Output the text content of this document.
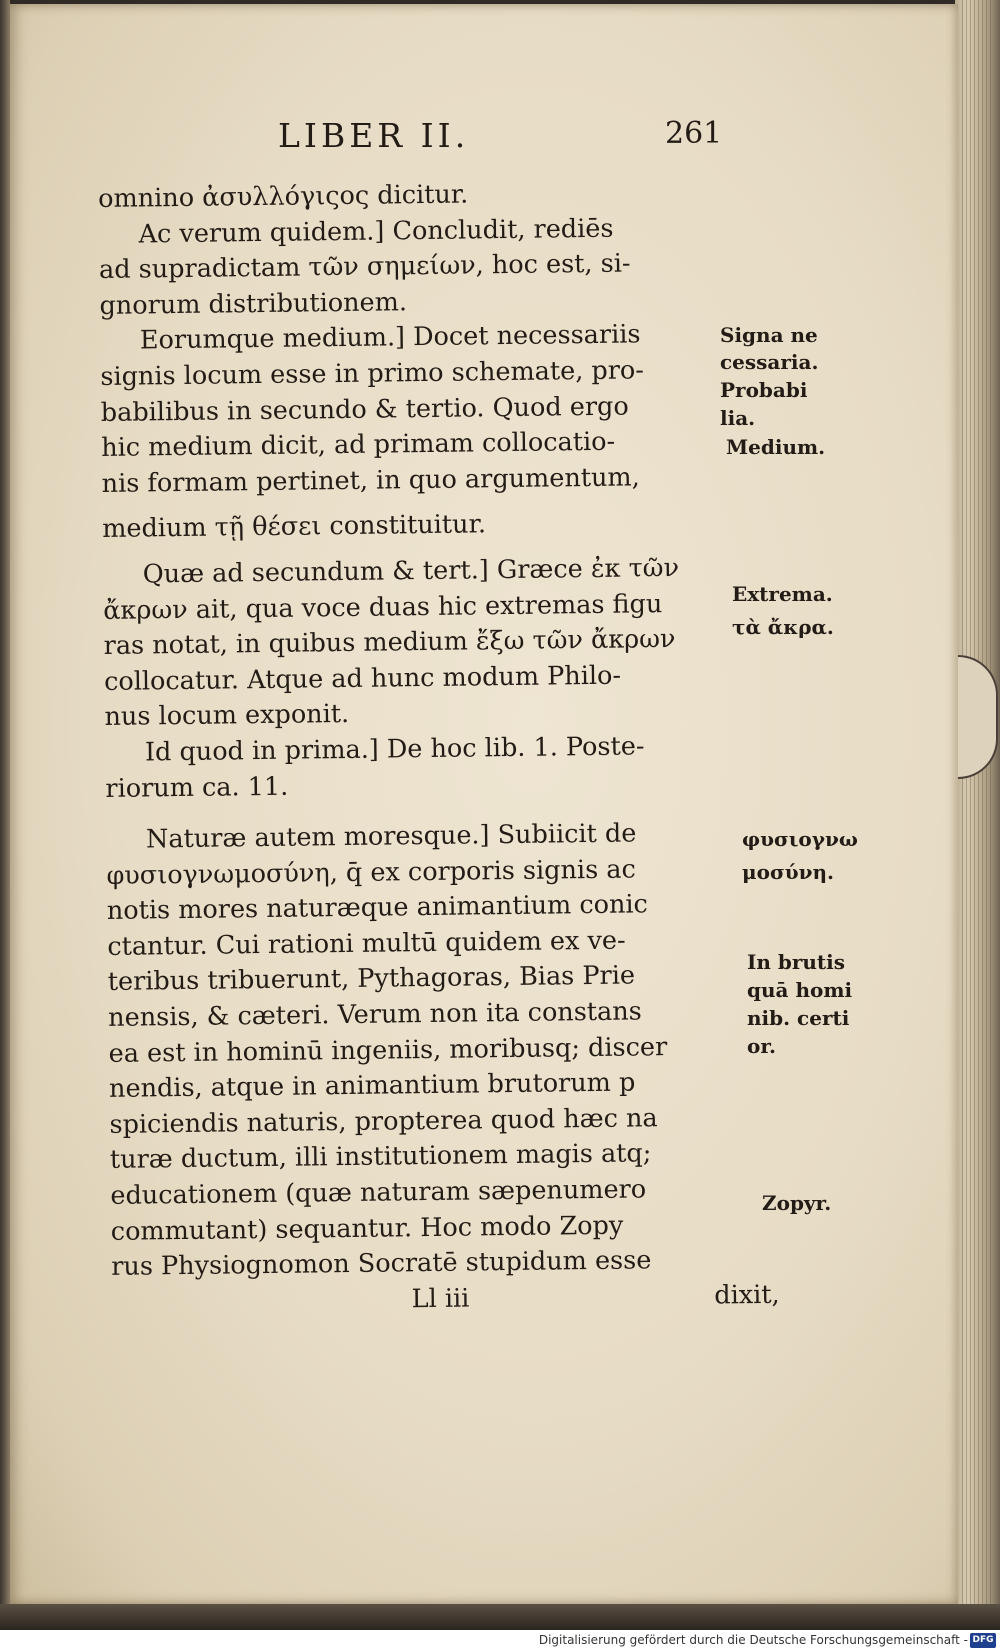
LIBER II.	261
omnino ἀσυλλόγιςος dicitur.
Ac verum quidem.] Concludit, rediēs
ad supradictam τῶν σημείων, hoc est, si-
gnorum distributionem.
Eorumque medium.] Docet necessariis
signis locum esse in primo schemate, pro-
babilibus in secundo & tertio. Quod ergo
hic medium dicit, ad primam collocatio-
nis formam pertinet, in quo argumentum,
medium τῇ θέσει constituitur.
Quæ ad secundum & tert.] Græce ἐκ τῶν
ἄκρων ait, qua voce duas hic extremas figu
ras notat, in quibus medium ἔξω τῶν ἄκρων
collocatur. Atque ad hunc modum Philo-
nus locum exponit.
Id quod in prima.] De hoc lib. 1. Poste-
riorum ca. 11.
Naturæ autem moresque.] Subiicit de
φυσιογνωμοσύνη, q̄ ex corporis signis ac
notis mores naturæque animantium conic
ctantur. Cui rationi multū quidem ex ve-
teribus tribuerunt, Pythagoras, Bias Prie
nensis, & cæteri. Verum non ita constans
ea est in hominū ingeniis, moribusq; discer
nendis, atque in animantium brutorum p
spiciendis naturis, propterea quod hæc na
turæ ductum, illi institutionem magis atq;
educationem (quæ naturam sæpenumero
commutant) sequantur. Hoc modo Zopy
rus Physiognomon Socratē stupidum esse
Ll iii	dixit,
Signa ne
cessaria.
Probabi
lia.
Medium.
Extrema.
τὰ ἄκρα.
φυσιογνω
μοσύνη.
In brutis
quā homi
nib. certi
or.
Zopyr.
Digitalisierung gefördert durch die Deutsche Forschungsgemeinschaft - DFG
